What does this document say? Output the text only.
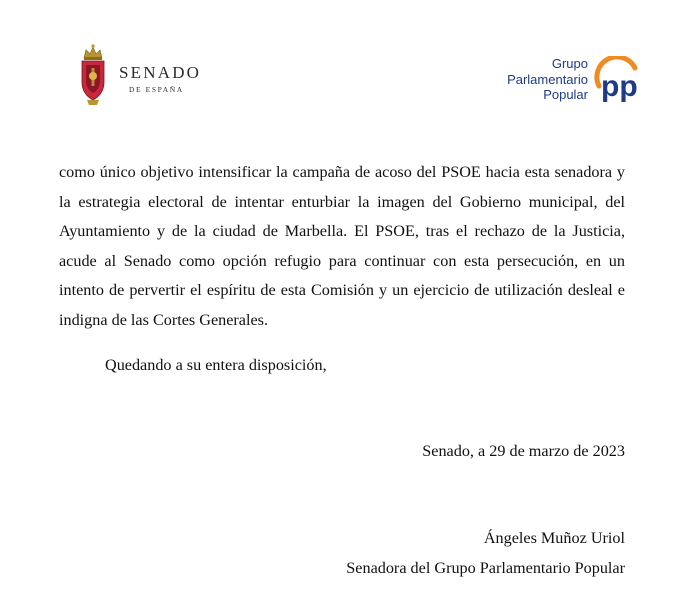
SENADO
DE ESPAÑA
Grupo
Parlamentario
Popular pp

como único objetivo intensificar la campaña de acoso del PSOE hacia esta senadora y la estrategia electoral de intentar enturbiar la imagen del Gobierno municipal, del Ayuntamiento y de la ciudad de Marbella. El PSOE, tras el rechazo de la Justicia, acude al Senado como opción refugio para continuar con esta persecución, en un intento de pervertir el espíritu de esta Comisión y un ejercicio de utilización desleal e indigna de las Cortes Generales.

Quedando a su entera disposición,
Senado, a 29 de marzo de 2023
Ángeles Muñoz Uriol
Senadora del Grupo Parlamentario Popular
